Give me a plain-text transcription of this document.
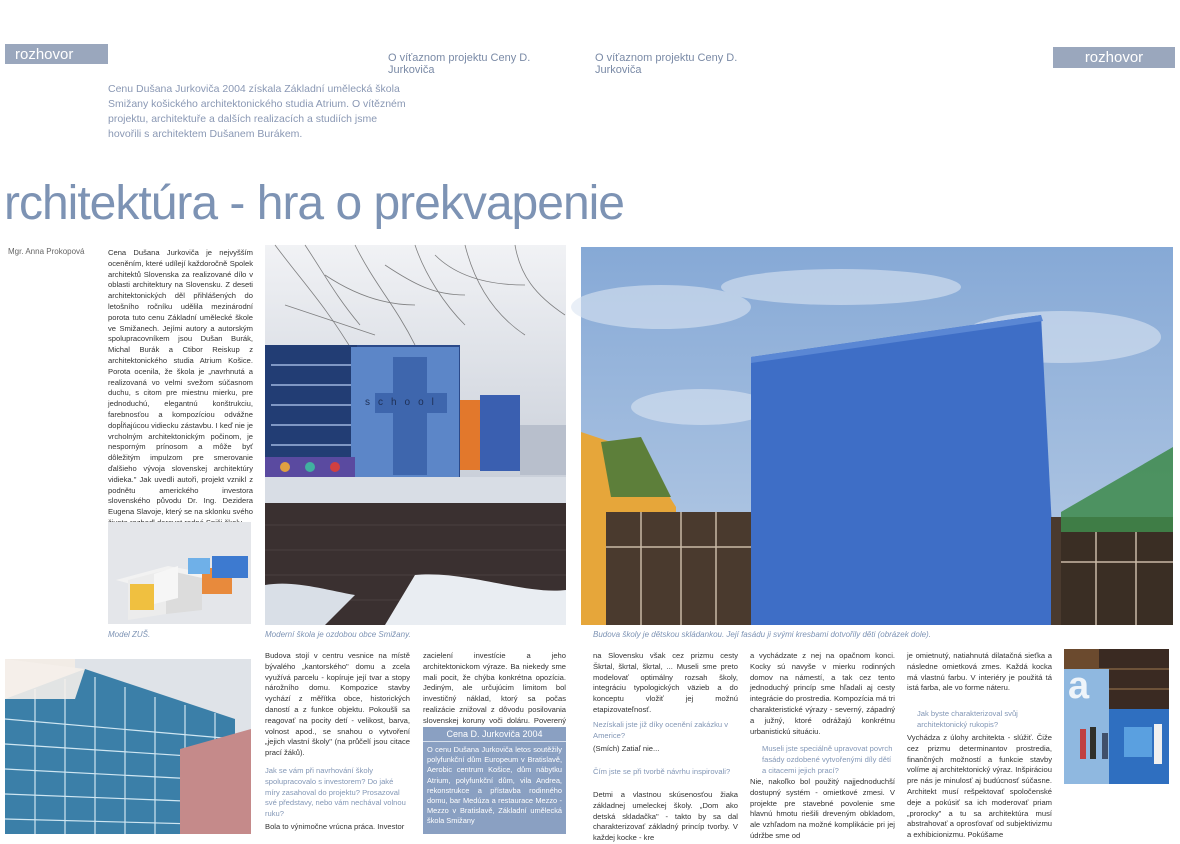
rozhovor	O víťaznom projektu Ceny D. Jurkoviča
Cenu Dušana Jurkoviča 2004 získala Základní umělecká škola Smižany košického architektonického studia Atrium. O vítězném projektu, architektuře a dalších realizacích a studiích jsme hovořili s architektem Dušanem Burákem.
rchitektúra - hra o prekvapenie
Mgr. Anna Prokopová	Cena Dušana Jurkoviča je nejvyšším oceněním, které udílejí každoročně Spolek architektů Slovenska za realizované dílo v oblasti architektury na Slovensku. Z deseti architektonických děl přihlášených do letošního ročníku udělila mezinárodní porota tuto cenu Základní umělecké škole ve Smižanech. Jejími autory a autorským spolupracovníkem jsou Dušan Burák, Michal Burák a Ctibor Reiskup z architektonického studia Atrium Košice. Porota ocenila, že škola je „navrhnutá a realizovaná vo velmi svežom súčasnom duchu, s citom pre miestnu mierku, pre jednoduchú, elegantnú konštrukciu, farebnosťou a kompozíciou odvážne dopĺňajúcou vidiecku zástavbu. I keď nie je vrcholným architektonickým počinom, je nesporným prínosom a môže byť dôležitým impulzom pre smerovanie ďalšieho vývoja slovenskej architektúry vidieka." Jak uvedli autoři, projekt vznikl z podnětu amerického investora slovenského původu Dr. Ing. Dezidera Eugena Slavoje, který se na sklonku svého
Model ZUŠ.
school
Moderní škola je ozdobou obce Smižany.
Budova stojí v centru vesnice na místě bývalého „kantorského" domu a zcela využívá parcelu - kopíruje její tvar a stopy nárožního domu. Kompozice stavby vychází z měřítka obce, historických daností a z funkce objektu. Pokoušli sa reagovať na pocity detí - velikost, barva, volnost apod., se snahou o vytvoření „jejich vlastní školy" (na průčelí jsou citace prací žáků).
Jak se vám při navrhování školy spolupracovalo s investorem? Do jaké míry zasahoval do projektu? Prosazoval své představy, nebo vám nechával volnou ruku?
Bola to výnimočne vrúcna práca. Investor
zacielení investície a jeho architektonickom výraze. Ba niekedy sme mali pocit, že chýba konkrétna opozícia. Jediným, ale určujúcim limitom bol investičný náklad, ktorý sa počas realizácie znižoval z dôvodu posilovania slovenskej koruny voči doláru. Poverený
Cena D. Jurkoviča 2004
O cenu Dušana Jurkoviča letos soutěžily polyfunkční dům Europeum v Bratislavě, Aerobic centrum Košice, dům nábytku Atrium, polyfunkční dům, vila Andrea, rekonstrukce a přístavba rodinného domu, bar Medúza a restaurace Mezzo - Mezzo v Bratislavě, Základní umělecká škola Smižany
O víťaznom projektu Ceny D. Jurkoviča
rozhovor
Budova školy je dětskou skládankou. Její fasádu ji svými kresbami dotvořily děti (obrázek dole).
na Slovensku však cez prizmu cesty Škrtal, škrtal, škrtal, ... Museli sme preto modelovať optimálny rozsah školy, integráciu typologických väzieb a do konceptu vložiť jej možnú etapizovateľnosť.
Nezískali jste již díky ocenění zakázku v Americe?
(Smích) Zatiaľ nie...
Čím jste se při tvorbě návrhu inspirovali?
Detmi a vlastnou skúsenosťou žiaka základnej umeleckej školy. „Dom ako detská skladačka" - takto by sa dal charakterizovať základný princíp tvorby. V každej kocke - kre
a vychádzate z nej na opačnom konci. Kocky sú navyše v mierku rodinných domov na námestí, a tak cez tento jednoduchý princíp sme hľadali aj cesty integrácie do prostredia. Kompozícia má tri charakteristické výrazy - severný, západný a južný, ktoré odrážajú konkrétnu urbanistickú situáciu.
Museli jste speciálně upravovat povrch fasády ozdobené vytvořenými díly dětí a citacemi jejich prací?
Nie, nakoľko bol použitý najjednoduchší dostupný systém - omietkové zmesi. V projekte pre stavebné povolenie sme hlavnú hmotu riešili dreveným obkladom, ale vzhľadom na možné komplikácie pri jej údržbe sme od
je omietnutý, natiahnutá dilatačná sieťka a následne omietková zmes. Každá kocka má vlastnú farbu. V interiéry je použitá tá istá farba, ale vo forme náteru.
Jak byste charakterizoval svůj architektonický rukopis?
Vychádza z úlohy architekta - slúžiť. Čiže cez prizmu determinantov prostredia, finančných možností a funkcie stavby volíme aj architektonický výraz. Inšpiráciou pre nás je minulosť aj budúcnosť súčasne. Architekt musí rešpektovať spoločenské deje a pokúsiť sa ich moderovať priam „prorocky" a tu sa architektúra musí abstrahovať a oprosťovať od subjektivizmu a exhibicionizmu. Pokúšame
a
